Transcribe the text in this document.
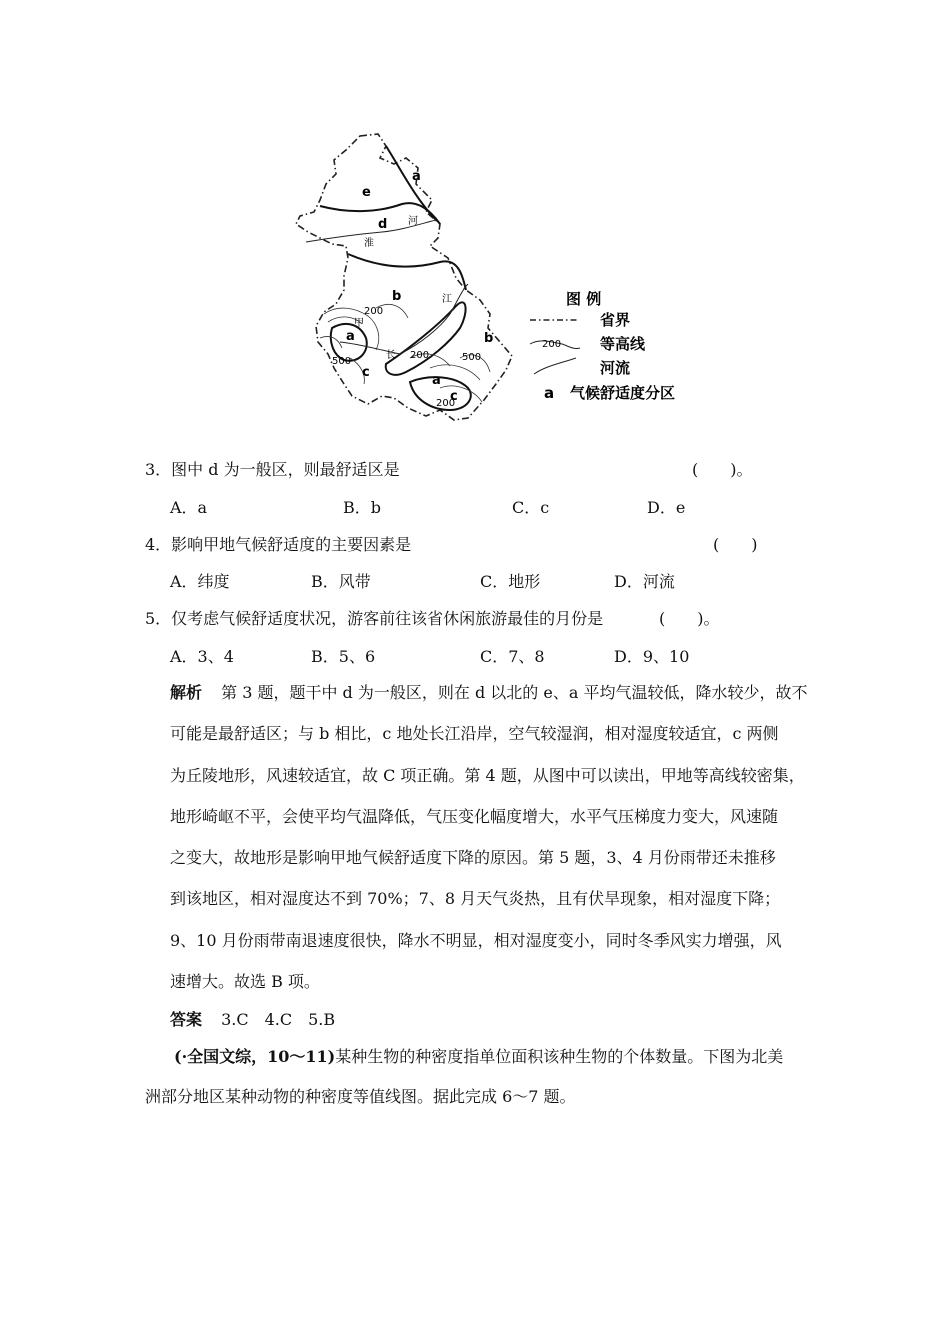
a
e
d
b
b
a
c
a
c
河
淮
江
长
甲
200
200
500	500
200
图 例
省界
200	等高线
河流
a 气候舒适度分区
3．图中 d 为一般区，则最舒适区是	(　　)。
A．a	B．b	C．c	D．e
4．影响甲地气候舒适度的主要因素是	(　　)
A．纬度	B．风带	C．地形	D．河流
5．仅考虑气候舒适度状况，游客前往该省休闲旅游最佳的月份是	(　　)。
A．3、4	B．5、6	C．7、8	D．9、10
解析 第 3 题，题干中 d 为一般区，则在 d 以北的 e、a 平均气温较低，降水较少，故不
可能是最舒适区；与 b 相比，c 地处长江沿岸，空气较湿润，相对湿度较适宜，c 两侧
为丘陵地形，风速较适宜，故 C 项正确。第 4 题，从图中可以读出，甲地等高线较密集，
地形崎岖不平，会使平均气温降低，气压变化幅度增大，水平气压梯度力变大，风速随
之变大，故地形是影响甲地气候舒适度下降的原因。第 5 题，3、4 月份雨带还未推移
到该地区，相对湿度达不到 70%；7、8 月天气炎热，且有伏旱现象，相对湿度下降；
9、10 月份雨带南退速度很快，降水不明显，相对湿度变小，同时冬季风实力增强，风
速增大。故选 B 项。
答案 3.C　4.C　5.B
(·全国文综，10～11)某种生物的种密度指单位面积该种生物的个体数量。下图为北美
洲部分地区某种动物的种密度等值线图。据此完成 6～7 题。
